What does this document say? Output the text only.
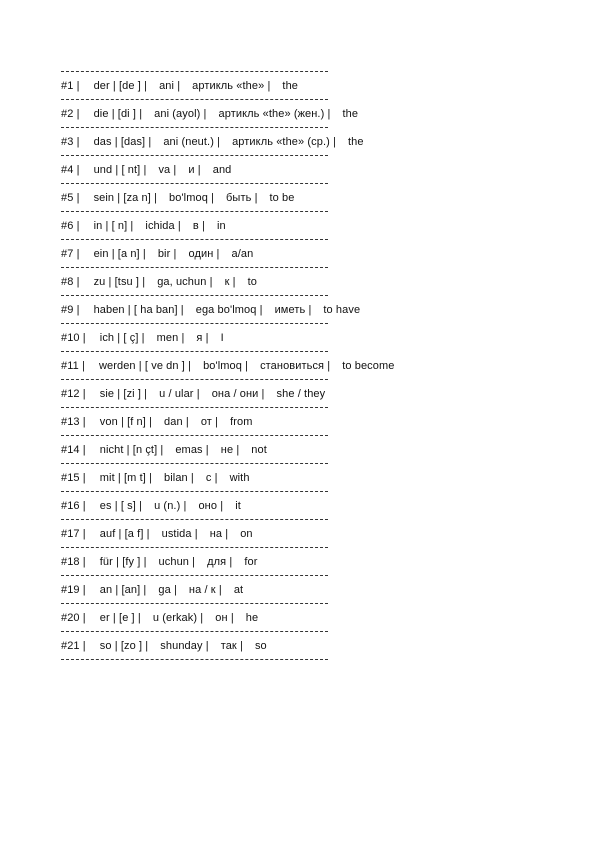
#1 | der | [de ] | ani | артикль «the» | the
#2 | die | [di ] | ani (ayol) | артикль «the» (жен.) | the
#3 | das | [das] | ani (neut.) | артикль «the» (ср.) | the
#4 | und | [ nt] | va | и | and
#5 | sein | [za n] | bo'lmoq | быть | to be
#6 | in | [ n] | ichida | в | in
#7 | ein | [a n] | bir | один | a/an
#8 | zu | [tsu ] | ga, uchun | к | to
#9 | haben | [ ha ban] | ega bo'lmoq | иметь | to have
#10 | ich | [ ç] | men | я | I
#11 | werden | [ ve dn ] | bo'lmoq | становиться | to become
#12 | sie | [zi ] | u / ular | она / они | she / they
#13 | von | [f n] | dan | от | from
#14 | nicht | [n çt] | emas | не | not
#15 | mit | [m t] | bilan | с | with
#16 | es | [ s] | u (n.) | оно | it
#17 | auf | [a f] | ustida | на | on
#18 | für | [fy ] | uchun | для | for
#19 | an | [an] | ga | на / к | at
#20 | er | [e ] | u (erkak) | он | he
#21 | so | [zo ] | shunday | так | so
